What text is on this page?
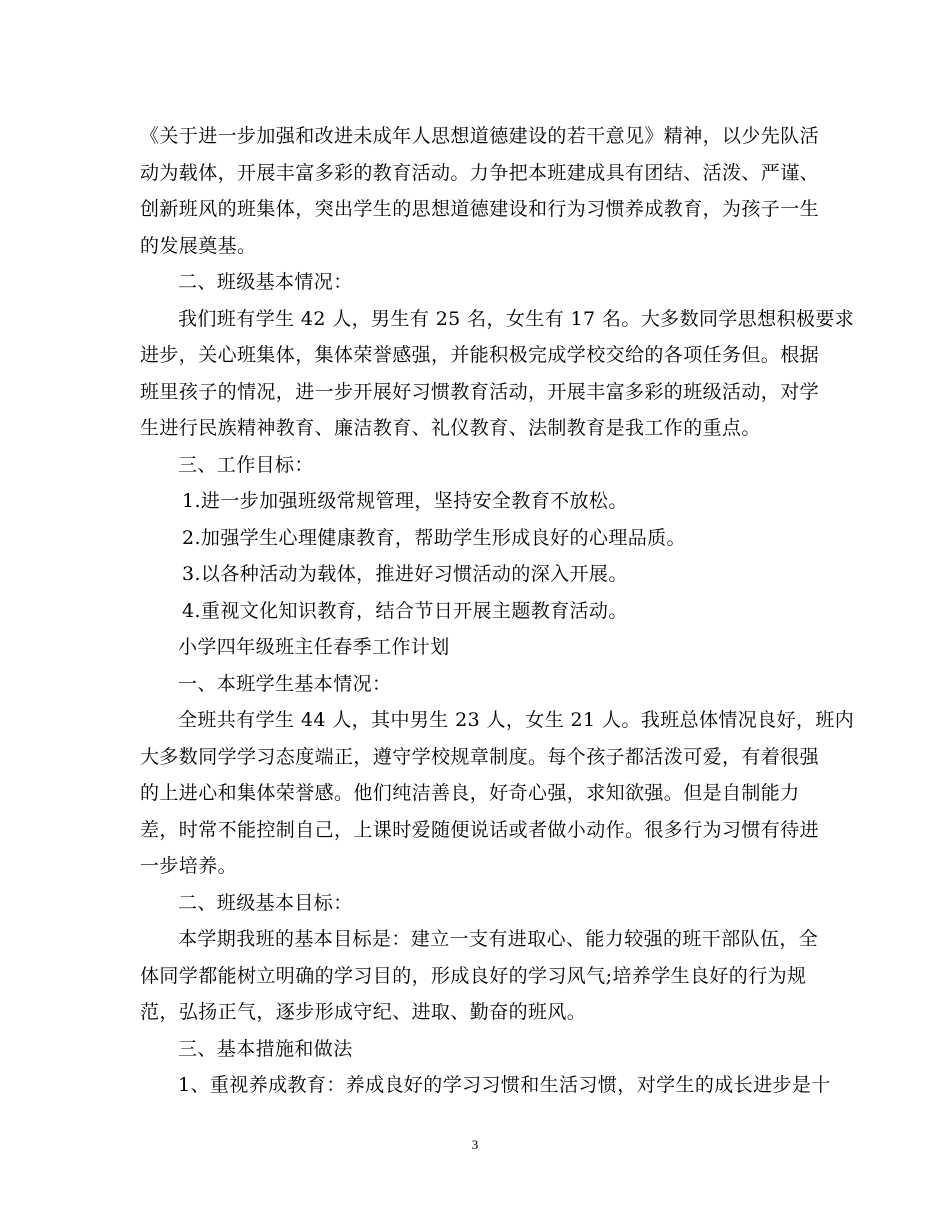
《关于进一步加强和改进未成年人思想道德建设的若干意见》精神，以少先队活
动为载体，开展丰富多彩的教育活动。力争把本班建成具有团结、活泼、严谨、
创新班风的班集体，突出学生的思想道德建设和行为习惯养成教育，为孩子一生
的发展奠基。
二、班级基本情况：
我们班有学生 42 人，男生有 25 名，女生有 17 名。大多数同学思想积极要求
进步，关心班集体，集体荣誉感强，并能积极完成学校交给的各项任务但。根据
班里孩子的情况，进一步开展好习惯教育活动，开展丰富多彩的班级活动，对学
生进行民族精神教育、廉洁教育、礼仪教育、法制教育是我工作的重点。
三、工作目标：
1.进一步加强班级常规管理，坚持安全教育不放松。
2.加强学生心理健康教育，帮助学生形成良好的心理品质。
3.以各种活动为载体，推进好习惯活动的深入开展。
4.重视文化知识教育，结合节日开展主题教育活动。
小学四年级班主任春季工作计划
一、本班学生基本情况：
全班共有学生 44 人，其中男生 23 人，女生 21 人。我班总体情况良好，班内
大多数同学学习态度端正，遵守学校规章制度。每个孩子都活泼可爱，有着很强
的上进心和集体荣誉感。他们纯洁善良，好奇心强，求知欲强。但是自制能力
差，时常不能控制自己，上课时爱随便说话或者做小动作。很多行为习惯有待进
一步培养。
二、班级基本目标：
本学期我班的基本目标是：建立一支有进取心、能力较强的班干部队伍，全
体同学都能树立明确的学习目的，形成良好的学习风气;培养学生良好的行为规
范，弘扬正气，逐步形成守纪、进取、勤奋的班风。
三、基本措施和做法
1、重视养成教育：养成良好的学习习惯和生活习惯，对学生的成长进步是十
3
